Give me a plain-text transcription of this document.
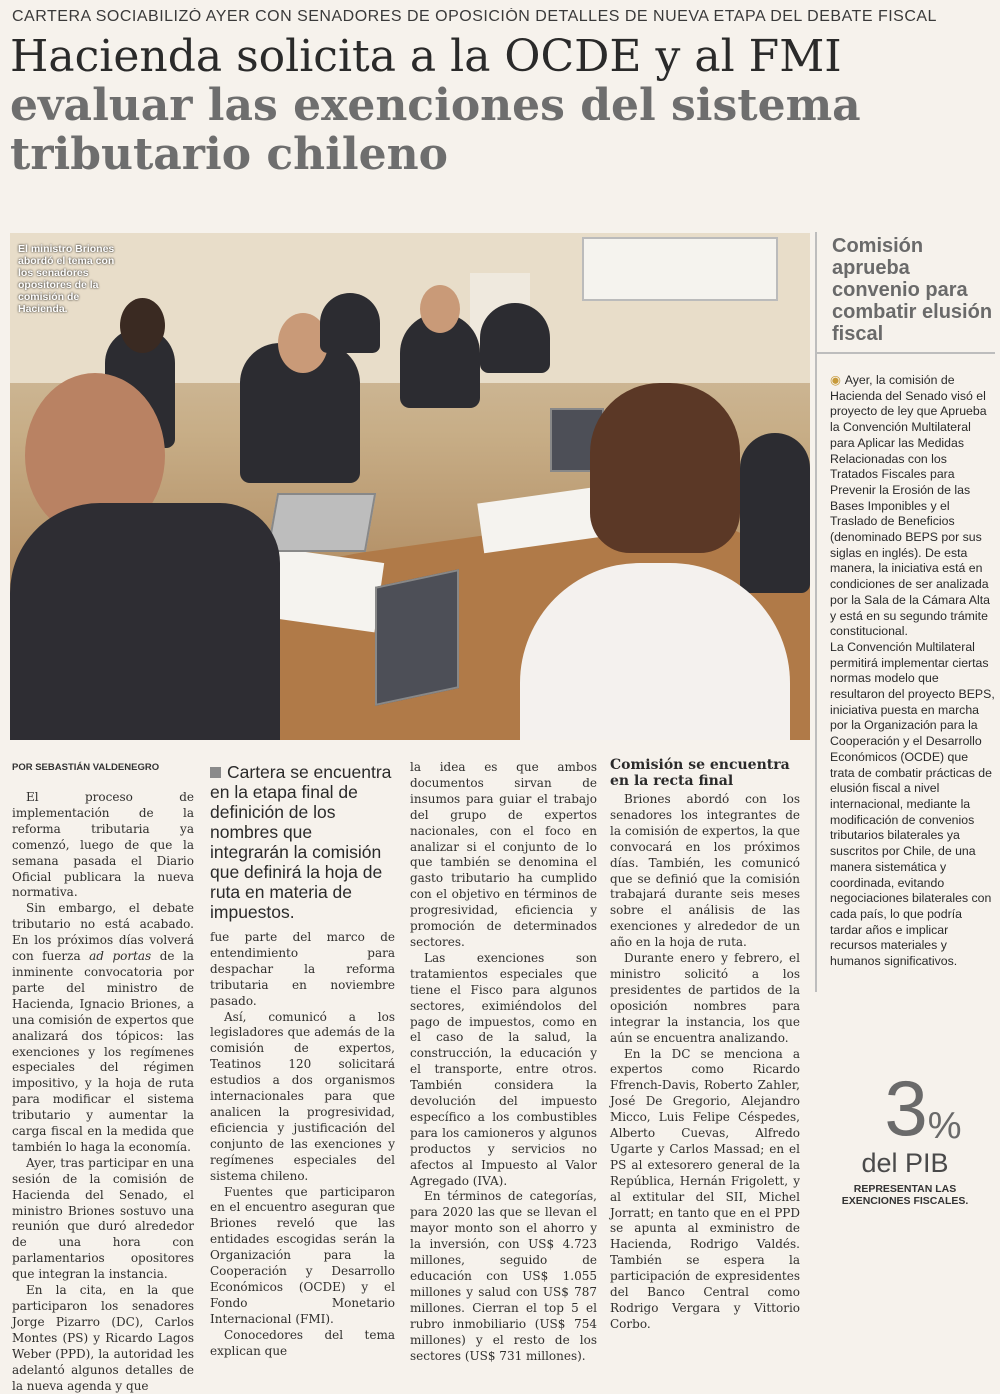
CARTERA SOCIABILIZÓ AYER CON SENADORES DE OPOSICIÓN DETALLES DE NUEVA ETAPA DEL DEBATE FISCAL
Hacienda solicita a la OCDE y al FMI evaluar las exenciones del sistema tributario chileno
El ministro Briones abordó el tema con los senadores opositores de la comisión de Hacienda.
Comisión aprueba convenio para combatir elusión fiscal

◉ Ayer, la comisión de Hacienda del Senado visó el proyecto de ley que Aprueba la Convención Multilateral para Aplicar las Medidas Relacionadas con los Tratados Fiscales para Prevenir la Erosión de las Bases Imponibles y el Traslado de Beneficios (denominado BEPS por sus siglas en inglés). De esta manera, la iniciativa está en condiciones de ser analizada por la Sala de la Cámara Alta y está en su segundo trámite constitucional.

La Convención Multilateral permitirá implementar ciertas normas modelo que resultaron del proyecto BEPS, iniciativa puesta en marcha por la Organización para la Cooperación y el Desarrollo Económicos (OCDE) que trata de combatir prácticas de elusión fiscal a nivel internacional, mediante la modificación de convenios tributarios bilaterales ya suscritos por Chile, de una manera sistemática y coordinada, evitando negociaciones bilaterales con cada país, lo que podría tardar años e implicar recursos materiales y humanos significativos.

3%
del PIB
REPRESENTAN LAS EXENCIONES FISCALES.
POR SEBASTIÁN VALDENEGRO

El proceso de implementación de la reforma tributaria ya comenzó, luego de que la semana pasada el Diario Oficial publicara la nueva normativa.

Sin embargo, el debate tributario no está acabado. En los próximos días volverá con fuerza ad portas de la inminente convocatoria por parte del ministro de Hacienda, Ignacio Briones, a una comisión de expertos que analizará dos tópicos: las exenciones y los regímenes especiales del régimen impositivo, y la hoja de ruta para modificar el sistema tributario y aumentar la carga fiscal en la medida que también lo haga la economía.

Ayer, tras participar en una sesión de la comisión de Hacienda del Senado, el ministro Briones sostuvo una reunión que duró alrededor de una hora con parlamentarios opositores que integran la instancia.

En la cita, en la que participaron los senadores Jorge Pizarro (DC), Carlos Montes (PS) y Ricardo Lagos Weber (PPD), la autoridad les adelantó algunos detalles de la nueva agenda y que

Cartera se encuentra en la etapa final de definición de los nombres que integrarán la comisión que definirá la hoja de ruta en materia de impuestos.

fue parte del marco de entendimiento para despachar la reforma tributaria en noviembre pasado.

Así, comunicó a los legisladores que además de la comisión de expertos, Teatinos 120 solicitará estudios a dos organismos internacionales para que analicen la progresividad, eficiencia y justificación del conjunto de las exenciones y regímenes especiales del sistema chileno.

Fuentes que participaron en el encuentro aseguran que Briones reveló que las entidades escogidas serán la Organización para la Cooperación y Desarrollo Económicos (OCDE) y el Fondo Monetario Internacional (FMI).

Conocedores del tema explican que

la idea es que ambos documentos sirvan de insumos para guiar el trabajo del grupo de expertos nacionales, con el foco en analizar si el conjunto de lo que también se denomina el gasto tributario ha cumplido con el objetivo en términos de progresividad, eficiencia y promoción de determinados sectores.

Las exenciones son tratamientos especiales que tiene el Fisco para algunos sectores, eximiéndolos del pago de impuestos, como en el caso de la salud, la construcción, la educación y el transporte, entre otros. También considera la devolución del impuesto específico a los combustibles para los camioneros y algunos productos y servicios no afectos al Impuesto al Valor Agregado (IVA).

En términos de categorías, para 2020 las que se llevan el mayor monto son el ahorro y la inversión, con US$ 4.723 millones, seguido de educación con US$ 1.055 millones y salud con US$ 787 millones. Cierran el top 5 el rubro inmobiliario (US$ 754 millones) y el resto de los sectores (US$ 731 millones).

Comisión se encuentra en la recta final

Briones abordó con los senadores los integrantes de la comisión de expertos, la que convocará en los próximos días. También, les comunicó que se definió que la comisión trabajará durante seis meses sobre el análisis de las exenciones y alrededor de un año en la hoja de ruta.

Durante enero y febrero, el ministro solicitó a los presidentes de partidos de la oposición nombres para integrar la instancia, los que aún se encuentra analizando.

En la DC se menciona a expertos como Ricardo Ffrench-Davis, Roberto Zahler, José De Gregorio, Alejandro Micco, Luis Felipe Céspedes, Alberto Cuevas, Alfredo Ugarte y Carlos Massad; en el PS al extesorero general de la República, Hernán Frigolett, y al extitular del SII, Michel Jorratt; en tanto que en el PPD se apunta al exministro de Hacienda, Rodrigo Valdés. También se espera la participación de expresidentes del Banco Central como Rodrigo Vergara y Vittorio Corbo.
